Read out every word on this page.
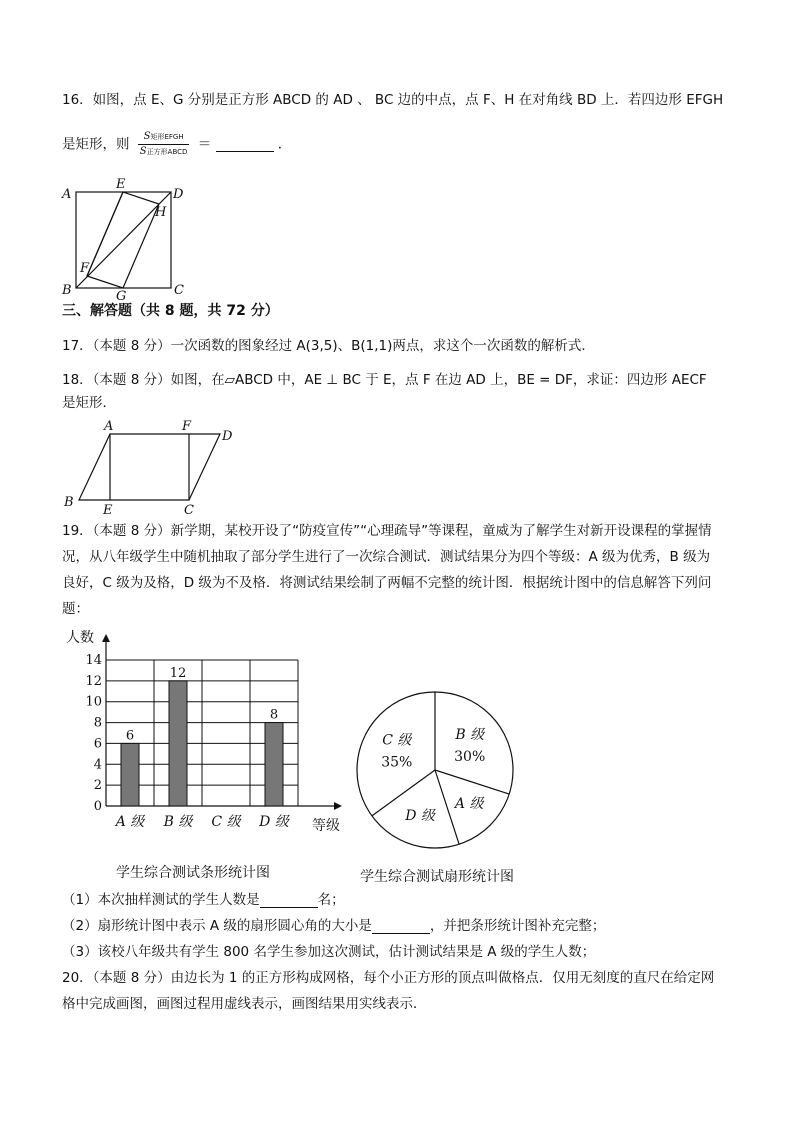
16．如图，点 E、G 分别是正方形 ABCD 的 AD 、 BC 边的中点，点 F、H 在对角线 BD 上．若四边形 EFGH
是矩形，则 $\frac{\text{S矩形EFGH}}{\text{S正方形ABCD}}$ ＝	．
A
B	C
D
E
F
G
H
三、解答题（共 8 题，共 72 分）
17．（本题 8 分）一次函数的图象经过 A(3,5)、B(1,1)两点，求这个一次函数的解析式．
18．（本题 8 分）如图，在▱ABCD 中，AE ⊥ BC 于 E，点 F 在边 AD 上，BE = DF，求证：四边形 AECF
是矩形．
A
B
C
D
E
F
19．（本题 8 分）新学期，某校开设了“防疫宣传”“心理疏导”等课程，童威为了解学生对新开设课程的掌握情
况，从八年级学生中随机抽取了部分学生进行了一次综合测试．测试结果分为四个等级：A 级为优秀，B 级为
良好，C 级为及格，D 级为不及格．将测试结果绘制了两幅不完整的统计图．根据统计图中的信息解答下列问
题：
0
2
4
6
8
10
12
14
人数
等级
A 级
6
B 级
12
C 级 D 级
8
学生综合测试条形统计图
B 级
30%
A 级
D 级
C 级
35%
学生综合测试扇形统计图
（1）本次抽样测试的学生人数是	名；
（2）扇形统计图中表示 A 级的扇形圆心角的大小是	，并把条形统计图补充完整；
（3）该校八年级共有学生 800 名学生参加这次测试，估计测试结果是 A 级的学生人数；
20．（本题 8 分）由边长为 1 的正方形构成网格，每个小正方形的顶点叫做格点．仅用无刻度的直尺在给定网
格中完成画图，画图过程用虚线表示，画图结果用实线表示．
